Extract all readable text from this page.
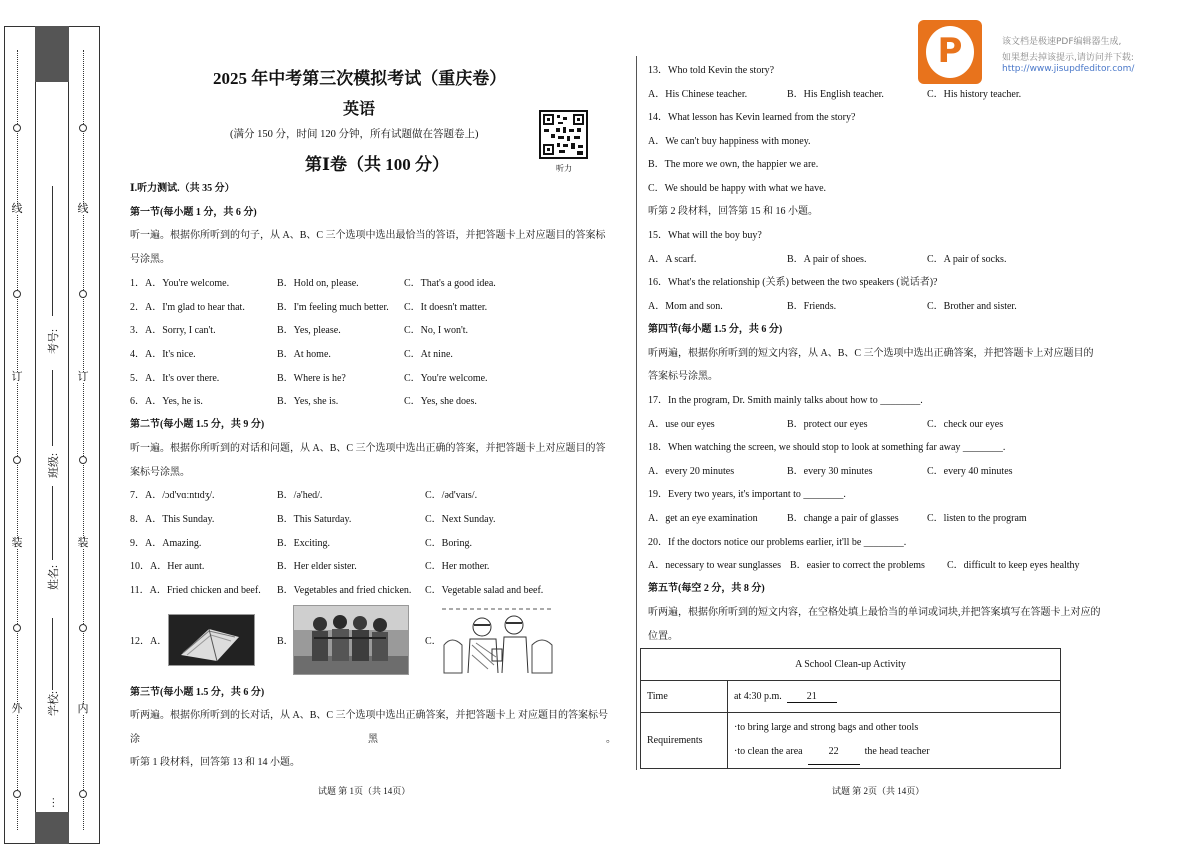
线
订
装
外
线
订
装
内
学校:
姓名:
班级:
考号:
…
P	该文档是极速PDF编辑器生成,
如果想去掉该提示,请访问并下载:
http://www.jisupdfeditor.com/
2025 年中考第三次模拟考试（重庆卷）
英语
(满分 150 分，时间 120 分钟，所有试题做在答题卷上)
第Ⅰ卷（共 100 分）	听力
Ⅰ.听力测试.（共 35 分）
第一节(每小题 1 分，共 6 分)
听一遍。根据你所听到的句子，从 A、B、C 三个选项中选出最恰当的答语，并把答题卡上对应题目的答案标
号涂黑。
1．A．You're welcome.	B．Hold on, please.	C．That's a good idea.
2．A．I'm glad to hear that.	B．I'm feeling much better. C．It doesn't matter.
3．A．Sorry, I can't.	B．Yes, please.	C．No, I won't.
4．A．It's nice.	B．At home.	C．At nine.
5．A．It's over there.	B．Where is he?	C．You're welcome.
6．A．Yes, he is.	B．Yes, she is.	C．Yes, she does.
第二节(每小题 1.5 分，共 9 分)
听一遍。根据你所听到的对话和问题，从 A、B、C 三个选项中选出正确的答案，并把答题卡上对应题目的答
案标号涂黑。
7．A．/ɔd'vɑːntɪdʒ/.	B．/ə'hed/.	C．/əd'vaɪs/.
8．A．This Sunday.	B．This Saturday.	C．Next Sunday.
9．A．Amazing.	B．Exciting.	C．Boring.
10．A．Her aunt.	B．Her elder sister.	C．Her mother.
11．A．Fried chicken and beef. B．Vegetables and fried chicken. C．Vegetable salad and beef.
12．A．	B．	C．
第三节(每小题 1.5 分，共 6 分)
听两遍。根据你所听到的长对话，从 A、B、C 三个选项中选出正确答案，并把答题卡上 对应题目的答案标号
涂	黑	。
听第 1 段材料，回答第 13 和 14 小题。
试题 第 1页（共 14页）
13．Who told Kevin the story?
A．His Chinese teacher.	B．His English teacher.	C．His history teacher.
14．What lesson has Kevin learned from the story?
A．We can't buy happiness with money.
B．The more we own, the happier we are.
C．We should be happy with what we have.
听第 2 段材料，回答第 15 和 16 小题。
15．What will the boy buy?
A．A scarf.	B．A pair of shoes.	C．A pair of socks.
16．What's the relationship (关系) between the two speakers (说话者)?
A．Mom and son.	B．Friends.	C．Brother and sister.
第四节(每小题 1.5 分，共 6 分)
听两遍，根据你所听到的短文内容，从 A、B、C 三个选项中选出正确答案，并把答题卡上对应题目的
答案标号涂黑。
17．In the program, Dr. Smith mainly talks about how to ________.
A．use our eyes	B．protect our eyes	C．check our eyes
18．When watching the screen, we should stop to look at something far away ________.
A．every 20 minutes	B．every 30 minutes	C．every 40 minutes
19．Every two years, it's important to ________.
A．get an eye examination	B．change a pair of glasses	C．listen to the program
20．If the doctors notice our problems earlier, it'll be ________.
A．necessary to wear sunglasses B．easier to correct the problems C．difficult to keep eyes healthy
第五节(每空 2 分，共 8 分)
听两遍，根据你所听到的短文内容，在空格处填上最恰当的单词或词块,并把答案填写在答题卡上对应的
位置。
A School Clean-up Activity	
Time	at 4:30 p.m. 21
Requirements	·to bring large and strong bags and other tools
·to clean the area 22 the head teacher
试题 第 2页（共 14页）
